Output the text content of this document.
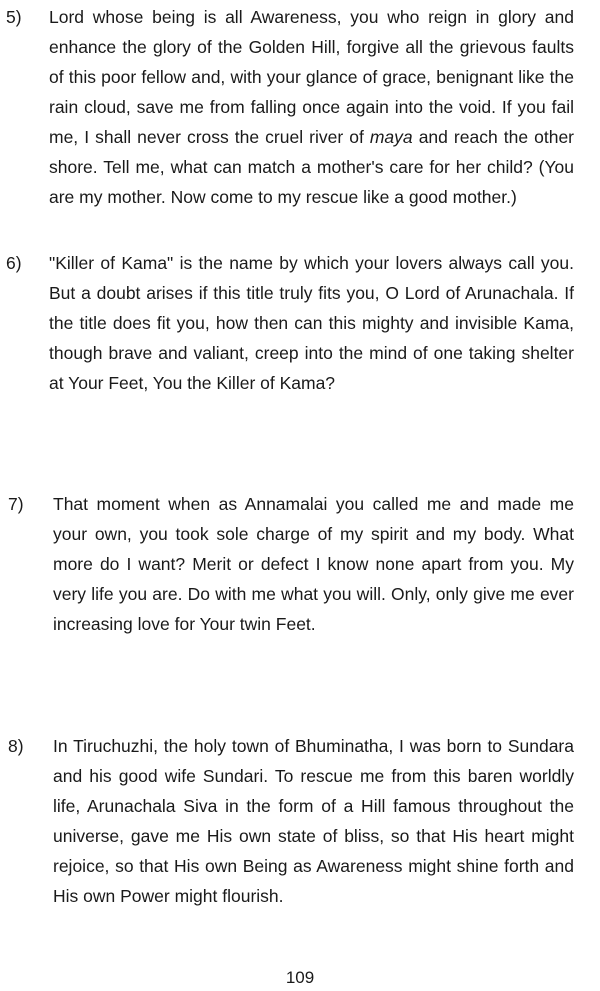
5) Lord whose being is all Awareness, you who reign in glory and enhance the glory of the Golden Hill, forgive all the grievous faults of this poor fellow and, with your glance of grace, benignant like the rain cloud, save me from falling once again into the void. If you fail me, I shall never cross the cruel river of maya and reach the other shore. Tell me, what can match a mother's care for her child? (You are my mother. Now come to my rescue like a good mother.)

6) "Killer of Kama" is the name by which your lovers always call you. But a doubt arises if this title truly fits you, O Lord of Arunachala. If the title does fit you, how then can this mighty and invisible Kama, though brave and valiant, creep into the mind of one taking shelter at Your Feet, You the Killer of Kama?

7) That moment when as Annamalai you called me and made me your own, you took sole charge of my spirit and my body. What more do I want? Merit or defect I know none apart from you. My very life you are. Do with me what you will. Only, only give me ever increasing love for Your twin Feet.

8) In Tiruchuzhi, the holy town of Bhuminatha, I was born to Sundara and his good wife Sundari. To rescue me from this baren worldly life, Arunachala Siva in the form of a Hill famous throughout the universe, gave me His own state of bliss, so that His heart might rejoice, so that His own Being as Awareness might shine forth and His own Power might flourish.

109
